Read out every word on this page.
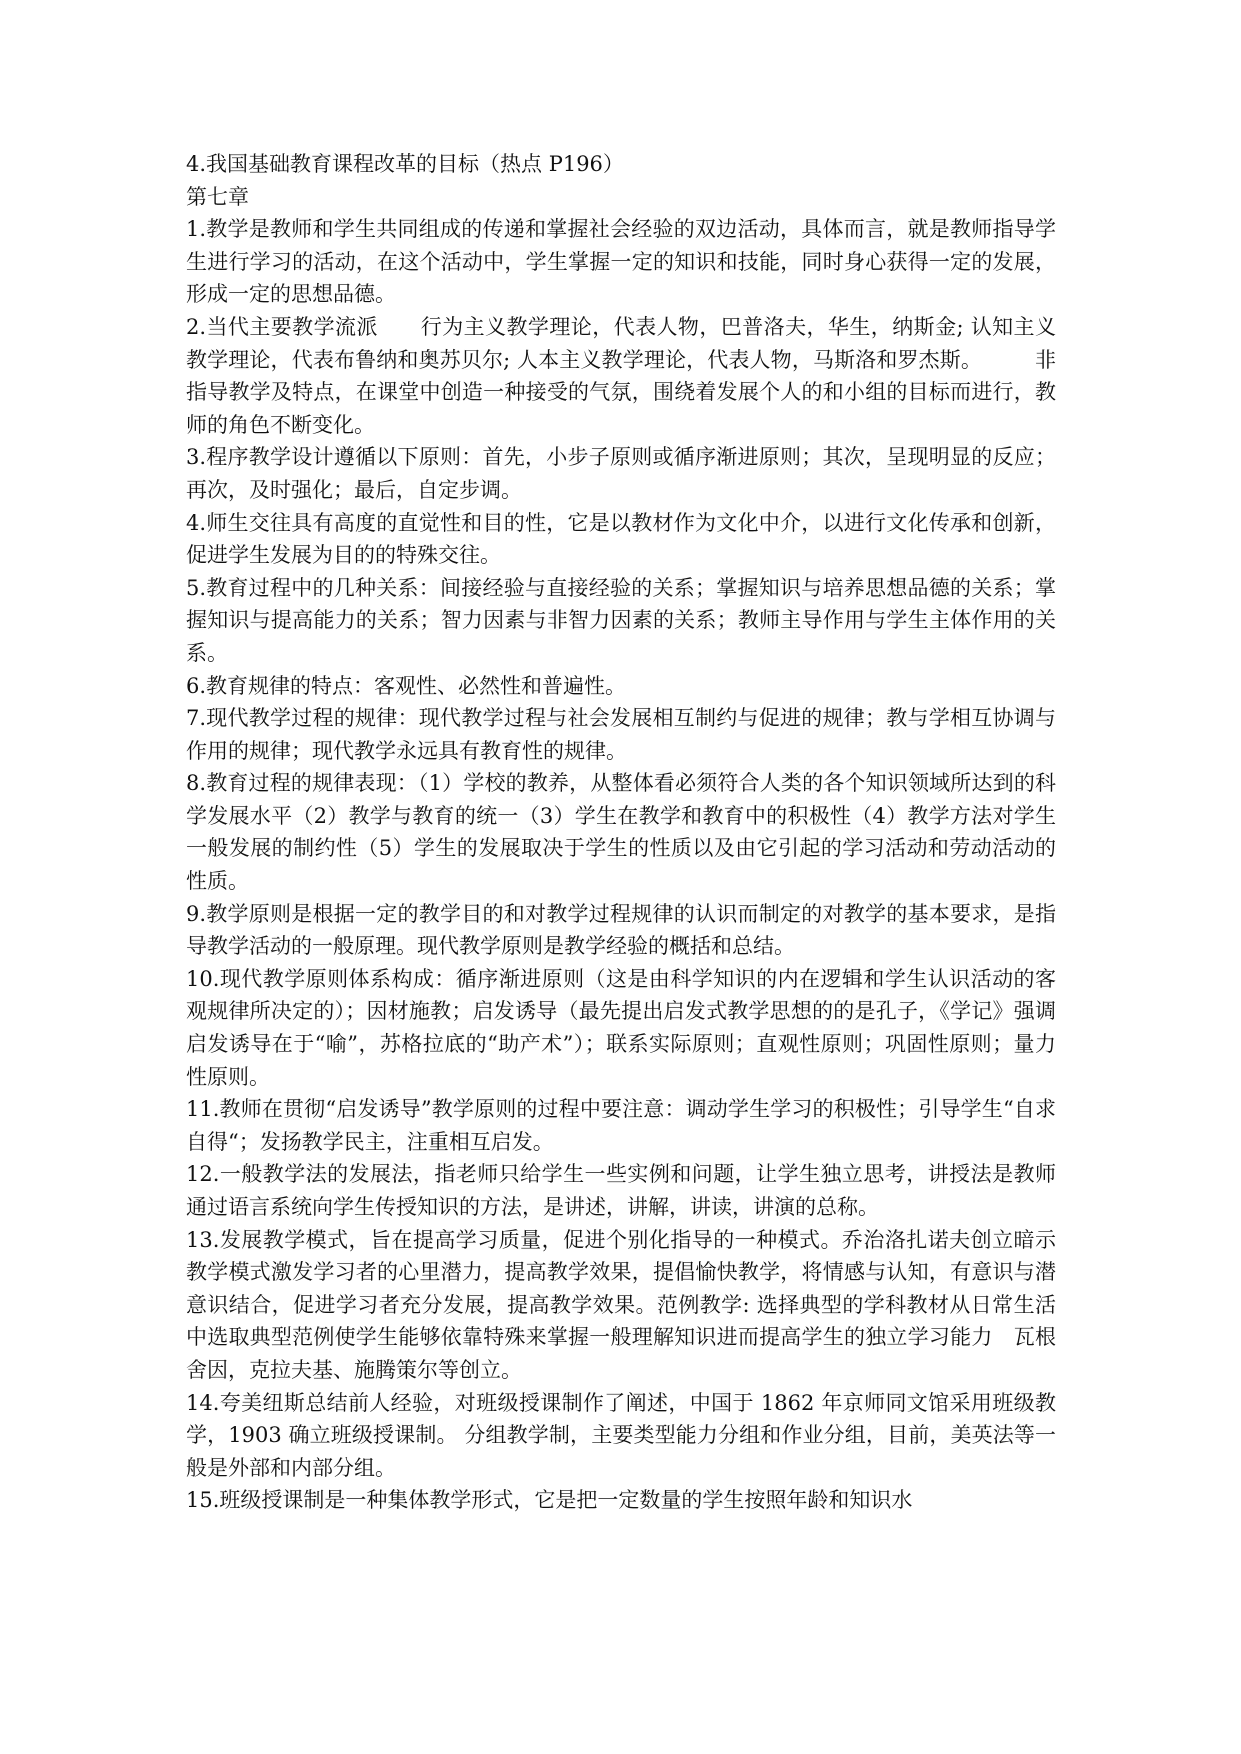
4.我国基础教育课程改革的目标（热点 P196）

第七章

1.教学是教师和学生共同组成的传递和掌握社会经验的双边活动，具体而言，就是教师指导学生进行学习的活动，在这个活动中，学生掌握一定的知识和技能，同时身心获得一定的发展，形成一定的思想品德。

2.当代主要教学流派　　行为主义教学理论，代表人物，巴普洛夫，华生，纳斯金; 认知主义教学理论，代表布鲁纳和奥苏贝尔; 人本主义教学理论，代表人物，马斯洛和罗杰斯。　　　非指导教学及特点，在课堂中创造一种接受的气氛，围绕着发展个人的和小组的目标而进行，教师的角色不断变化。

3.程序教学设计遵循以下原则：首先，小步子原则或循序渐进原则；其次，呈现明显的反应；再次，及时强化；最后，自定步调。

4.师生交往具有高度的直觉性和目的性，它是以教材作为文化中介，以进行文化传承和创新，促进学生发展为目的的特殊交往。

5.教育过程中的几种关系：间接经验与直接经验的关系；掌握知识与培养思想品德的关系；掌握知识与提高能力的关系；智力因素与非智力因素的关系；教师主导作用与学生主体作用的关系。

6.教育规律的特点：客观性、必然性和普遍性。

7.现代教学过程的规律：现代教学过程与社会发展相互制约与促进的规律；教与学相互协调与作用的规律；现代教学永远具有教育性的规律。

8.教育过程的规律表现：（1）学校的教养，从整体看必须符合人类的各个知识领域所达到的科学发展水平（2）教学与教育的统一（3）学生在教学和教育中的积极性（4）教学方法对学生一般发展的制约性（5）学生的发展取决于学生的性质以及由它引起的学习活动和劳动活动的性质。

9.教学原则是根据一定的教学目的和对教学过程规律的认识而制定的对教学的基本要求，是指导教学活动的一般原理。现代教学原则是教学经验的概括和总结。

10.现代教学原则体系构成：循序渐进原则（这是由科学知识的内在逻辑和学生认识活动的客观规律所决定的）；因材施教；启发诱导（最先提出启发式教学思想的的是孔子，《学记》强调启发诱导在于“喻”，苏格拉底的“助产术”）；联系实际原则；直观性原则；巩固性原则；量力性原则。

11.教师在贯彻“启发诱导”教学原则的过程中要注意：调动学生学习的积极性；引导学生“自求自得“；发扬教学民主，注重相互启发。

12.一般教学法的发展法，指老师只给学生一些实例和问题，让学生独立思考，讲授法是教师通过语言系统向学生传授知识的方法，是讲述，讲解，讲读，讲演的总称。

13.发展教学模式，旨在提高学习质量，促进个别化指导的一种模式。乔治洛扎诺夫创立暗示教学模式激发学习者的心里潜力，提高教学效果，提倡愉快教学，将情感与认知，有意识与潜意识结合，促进学习者充分发展，提高教学效果。范例教学: 选择典型的学科教材从日常生活中选取典型范例使学生能够依靠特殊来掌握一般理解知识进而提高学生的独立学习能力　瓦根舍因，克拉夫基、施腾策尔等创立。

14.夸美纽斯总结前人经验，对班级授课制作了阐述，中国于 1862 年京师同文馆采用班级教学，1903 确立班级授课制。 分组教学制，主要类型能力分组和作业分组，目前，美英法等一般是外部和内部分组。

15.班级授课制是一种集体教学形式，它是把一定数量的学生按照年龄和知识水
